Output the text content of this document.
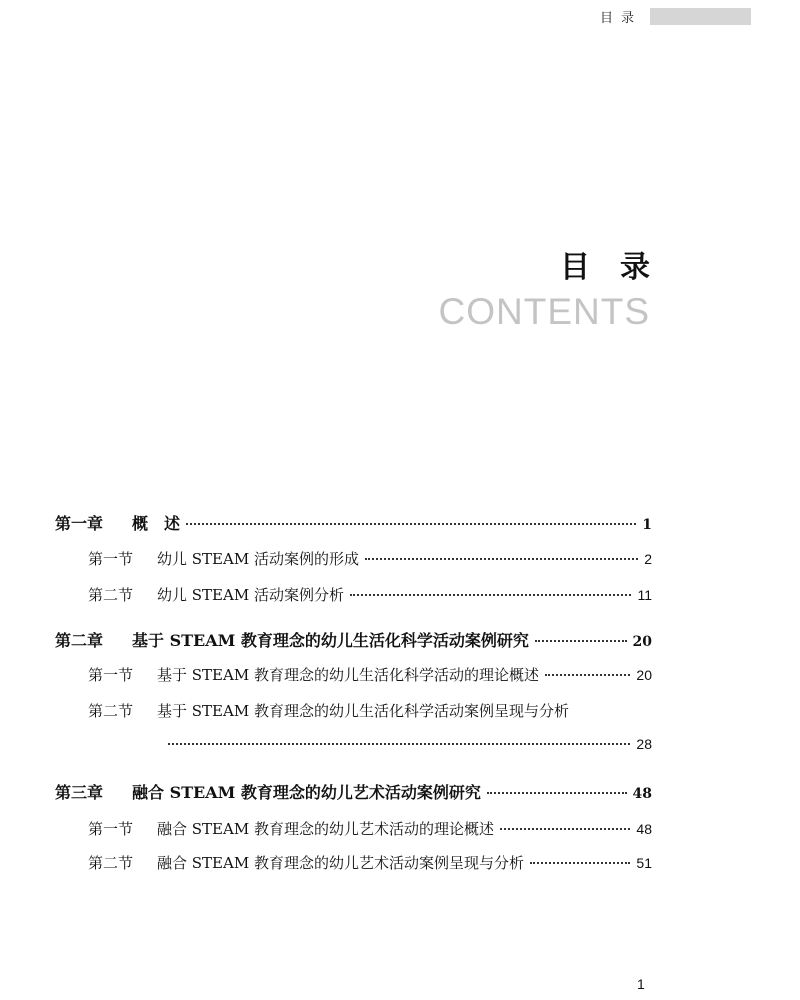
目录
目录
CONTENTS
第一章	概　述	1
第一节	幼儿 STEAM 活动案例的形成	2
第二节	幼儿 STEAM 活动案例分析	11
第二章	基于 STEAM 教育理念的幼儿生活化科学活动案例研究	20
第一节	基于 STEAM 教育理念的幼儿生活化科学活动的理论概述	20
第二节	基于 STEAM 教育理念的幼儿生活化科学活动案例呈现与分析
28
第三章	融合 STEAM 教育理念的幼儿艺术活动案例研究	48
第一节	融合 STEAM 教育理念的幼儿艺术活动的理论概述	48
第二节	融合 STEAM 教育理念的幼儿艺术活动案例呈现与分析	51
1
